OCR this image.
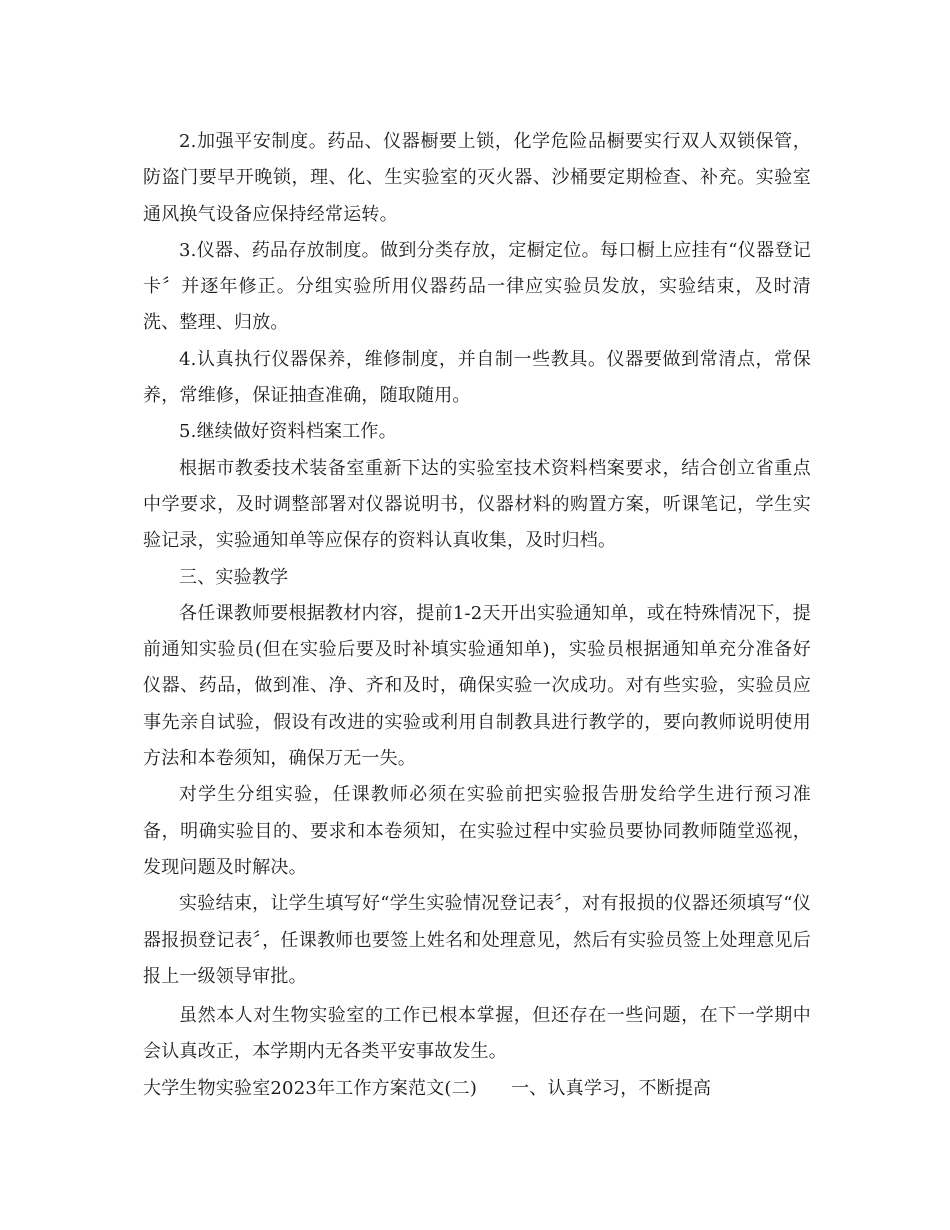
2.加强平安制度。药品、仪器橱要上锁，化学危险品橱要实行双人双锁保管，防盗门要早开晚锁，理、化、生实验室的灭火器、沙桶要定期检查、补充。实验室通风换气设备应保持经常运转。

3.仪器、药品存放制度。做到分类存放，定橱定位。每口橱上应挂有“仪器登记卡〞并逐年修正。分组实验所用仪器药品一律应实验员发放，实验结束，及时清洗、整理、归放。

4.认真执行仪器保养，维修制度，并自制一些教具。仪器要做到常清点，常保养，常维修，保证抽查准确，随取随用。

5.继续做好资料档案工作。

根据市教委技术装备室重新下达的实验室技术资料档案要求，结合创立省重点中学要求，及时调整部署对仪器说明书，仪器材料的购置方案，听课笔记，学生实验记录，实验通知单等应保存的资料认真收集，及时归档。

三、实验教学

各任课教师要根据教材内容，提前1-2天开出实验通知单，或在特殊情况下，提前通知实验员(但在实验后要及时补填实验通知单)，实验员根据通知单充分准备好仪器、药品，做到准、净、齐和及时，确保实验一次成功。对有些实验，实验员应事先亲自试验，假设有改进的实验或利用自制教具进行教学的，要向教师说明使用方法和本卷须知，确保万无一失。

对学生分组实验，任课教师必须在实验前把实验报告册发给学生进行预习准备，明确实验目的、要求和本卷须知，在实验过程中实验员要协同教师随堂巡视，发现问题及时解决。

实验结束，让学生填写好“学生实验情况登记表〞，对有报损的仪器还须填写“仪器报损登记表〞，任课教师也要签上姓名和处理意见，然后有实验员签上处理意见后报上一级领导审批。

虽然本人对生物实验室的工作已根本掌握，但还存在一些问题，在下一学期中会认真改正，本学期内无各类平安事故发生。

大学生物实验室2023年工作方案范文(二) 一、认真学习，不断提高
